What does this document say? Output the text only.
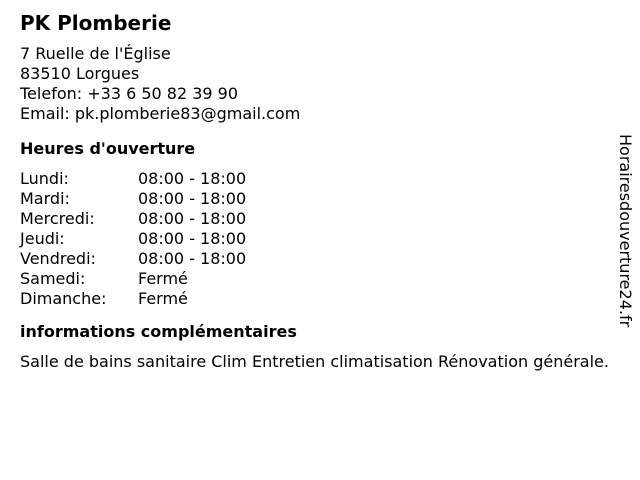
PK Plomberie
7 Ruelle de l'Église
83510 Lorgues
Telefon: +33 6 50 82 39 90
Email: pk.plomberie83@gmail.com
Heures d'ouverture
Lundi:	08:00 - 18:00
Mardi:	08:00 - 18:00
Mercredi:	08:00 - 18:00
Jeudi:	08:00 - 18:00
Vendredi:	08:00 - 18:00
Samedi:	Fermé
Dimanche:	Fermé
informations complémentaires
Salle de bains sanitaire Clim Entretien climatisation Rénovation générale.
Horairesdouverture24.fr
